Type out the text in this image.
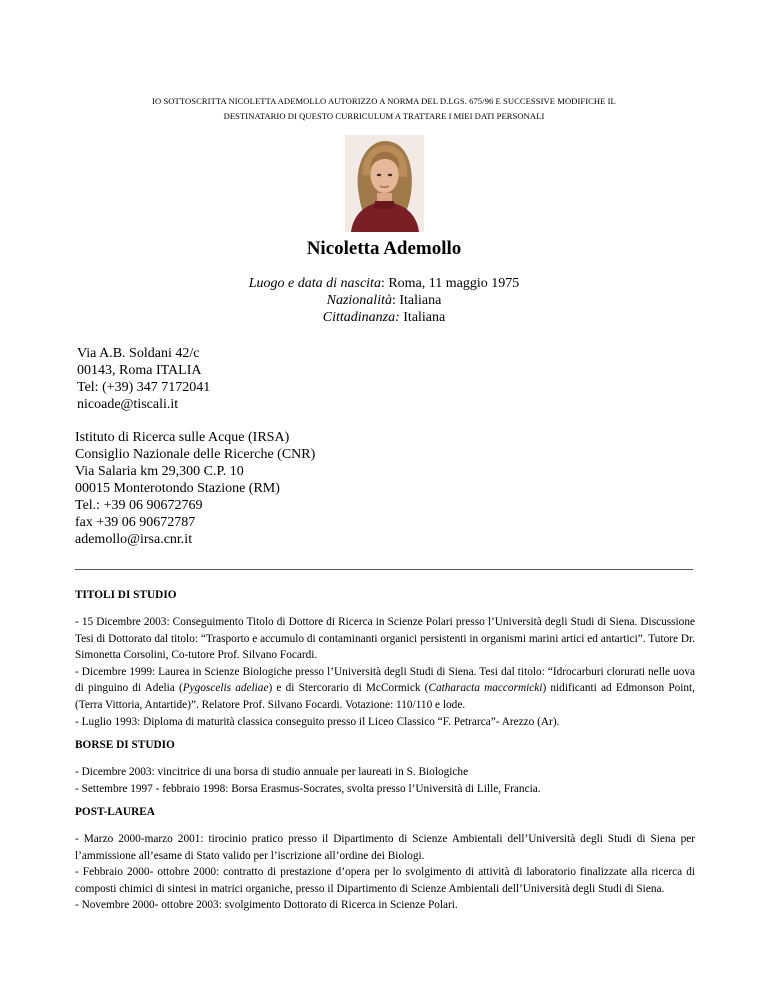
IO SOTTOSCRITTA NICOLETTA ADEMOLLO AUTORIZZO A NORMA DEL D.LGS. 675/96 E SUCCESSIVE MODIFICHE IL
DESTINATARIO DI QUESTO CURRICULUM A TRATTARE I MIEI DATI PERSONALI
Nicoletta Ademollo
Luogo e data di nascita: Roma, 11 maggio 1975
Nazionalità: Italiana
Cittadinanza: Italiana
Via A.B. Soldani 42/c
00143, Roma ITALIA
Tel: (+39) 347 7172041
nicoade@tiscali.it
Istituto di Ricerca sulle Acque (IRSA)
Consiglio Nazionale delle Ricerche (CNR)
Via Salaria km 29,300 C.P. 10
00015 Monterotondo Stazione (RM)
Tel.: +39 06 90672769
fax +39 06 90672787
ademollo@irsa.cnr.it
TITOLI DI STUDIO

- 15 Dicembre 2003: Conseguimento Titolo di Dottore di Ricerca in Scienze Polari presso l’Università degli Studi di Siena. Discussione Tesi di Dottorato dal titolo: “Trasporto e accumulo di contaminanti organici persistenti in organismi marini artici ed antartici”. Tutore Dr. Simonetta Corsolini, Co-tutore Prof. Silvano Focardi.

- Dicembre 1999: Laurea in Scienze Biologiche presso l’Università degli Studi di Siena. Tesi dal titolo: “Idrocarburi clorurati nelle uova di pinguino di Adelia (Pygoscelis adeliae) e di Stercorario di McCormick (Catharacta maccormicki) nidificanti ad Edmonson Point, (Terra Vittoria, Antartide)”. Relatore Prof. Silvano Focardi. Votazione: 110/110 e lode.

- Luglio 1993: Diploma di maturità classica conseguito presso il Liceo Classico “F. Petrarca”- Arezzo (Ar).

BORSE DI STUDIO

- Dicembre 2003: vincitrice di una borsa di studio annuale per laureati in S. Biologiche

- Settembre 1997 - febbraio 1998: Borsa Erasmus-Socrates, svolta presso l’Università di Lille, Francia.

POST-LAUREA

- Marzo 2000-marzo 2001: tirocinio pratico presso il Dipartimento di Scienze Ambientali dell’Università degli Studi di Siena per l’ammissione all’esame di Stato valido per l’iscrizione all’ordine dei Biologi.

- Febbraio 2000- ottobre 2000: contratto di prestazione d’opera per lo svolgimento di attività di laboratorio finalizzate alla ricerca di composti chimici di sintesi in matrici organiche, presso il Dipartimento di Scienze Ambientali dell’Università degli Studi di Siena.

- Novembre 2000- ottobre 2003: svolgimento Dottorato di Ricerca in Scienze Polari.
